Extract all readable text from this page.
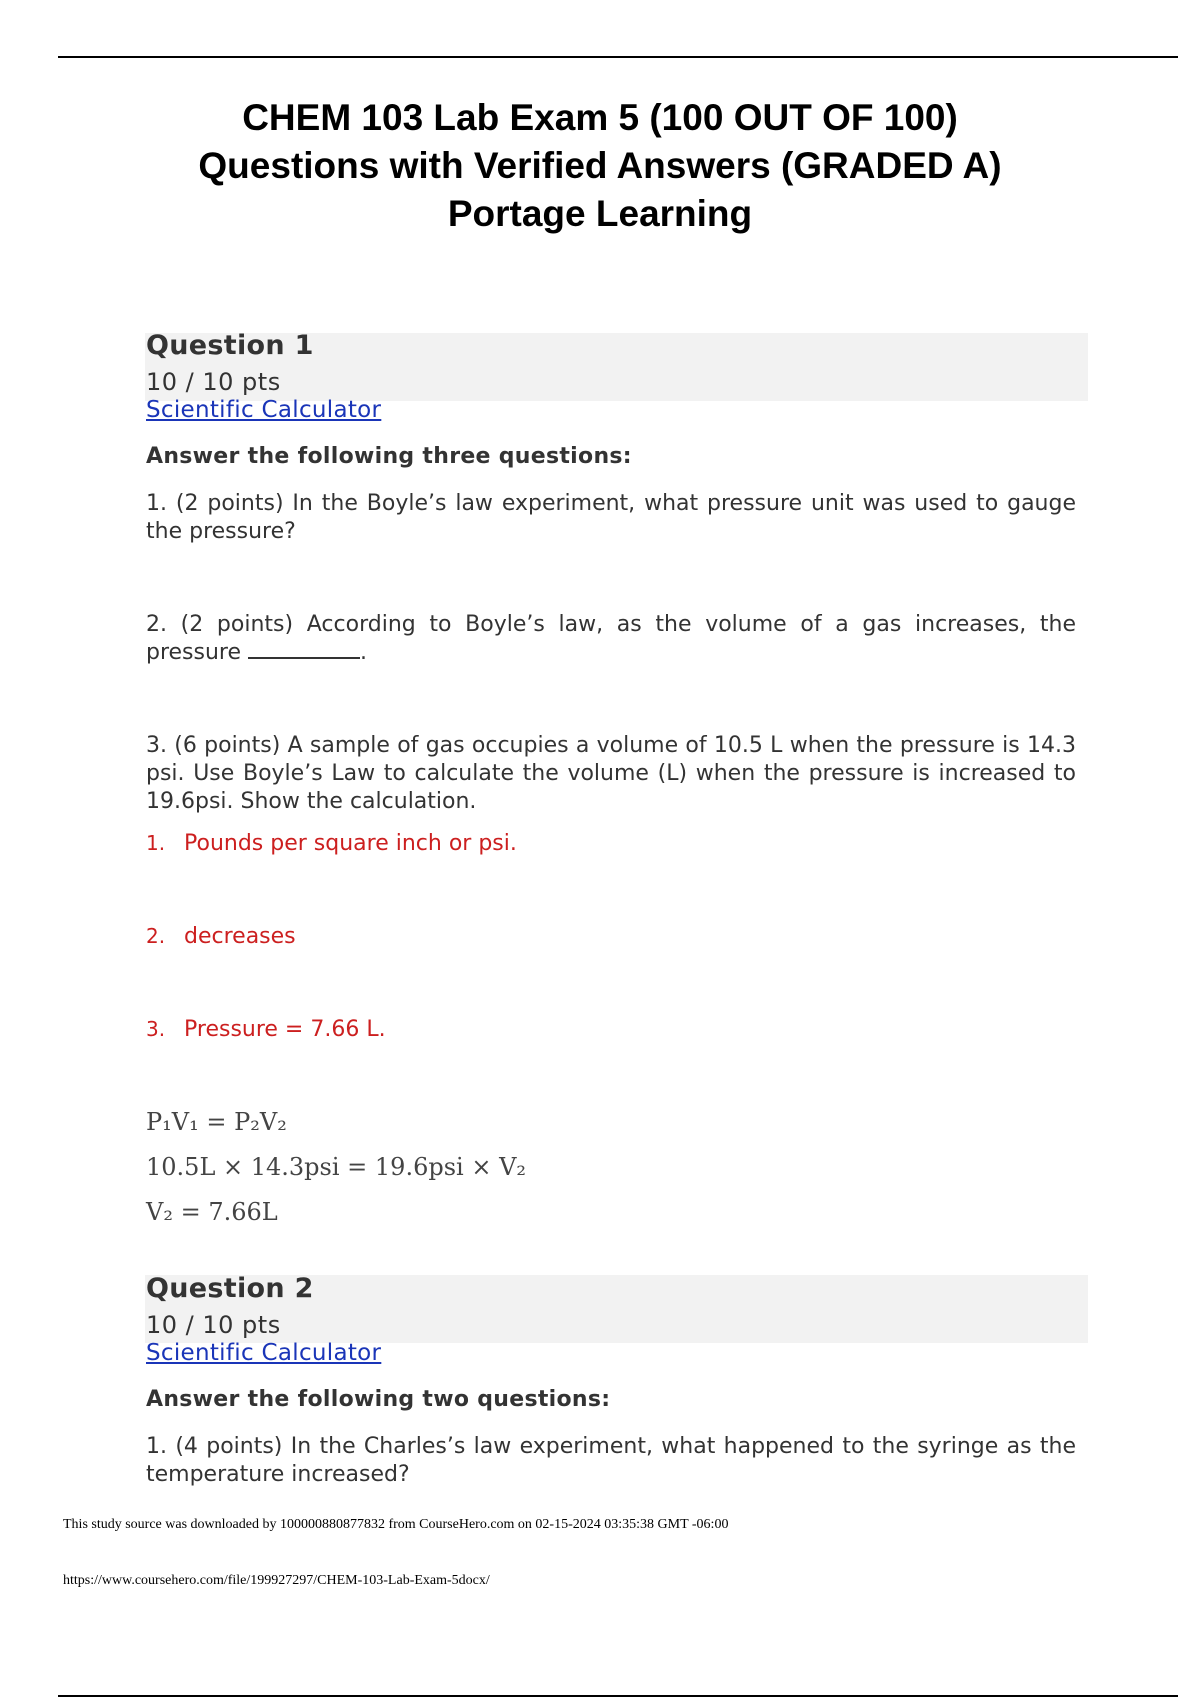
CHEM 103 Lab Exam 5 (100 OUT OF 100)
Questions with Verified Answers (GRADED A)
Portage Learning
Question 1
10 / 10 pts
Scientific Calculator
Answer the following three questions:
1. (2 points) In the Boyle’s law experiment, what pressure unit was used to gauge the pressure?
2. (2 points) According to Boyle’s law, as the volume of a gas increases, the pressure	.
3. (6 points) A sample of gas occupies a volume of 10.5 L when the pressure is 14.3 psi. Use Boyle’s Law to calculate the volume (L) when the pressure is increased to 19.6psi. Show the calculation.
1. Pounds per square inch or psi.
2. decreases
3. Pressure = 7.66 L.
P₁V₁ = P₂V₂
10.5L × 14.3psi = 19.6psi × V₂
V₂ = 7.66L
Question 2
10 / 10 pts
Scientific Calculator
Answer the following two questions:
1. (4 points) In the Charles’s law experiment, what happened to the syringe as the temperature increased?
This study source was downloaded by 100000880877832 from CourseHero.com on 02-15-2024 03:35:38 GMT -06:00
https://www.coursehero.com/file/199927297/CHEM-103-Lab-Exam-5docx/
